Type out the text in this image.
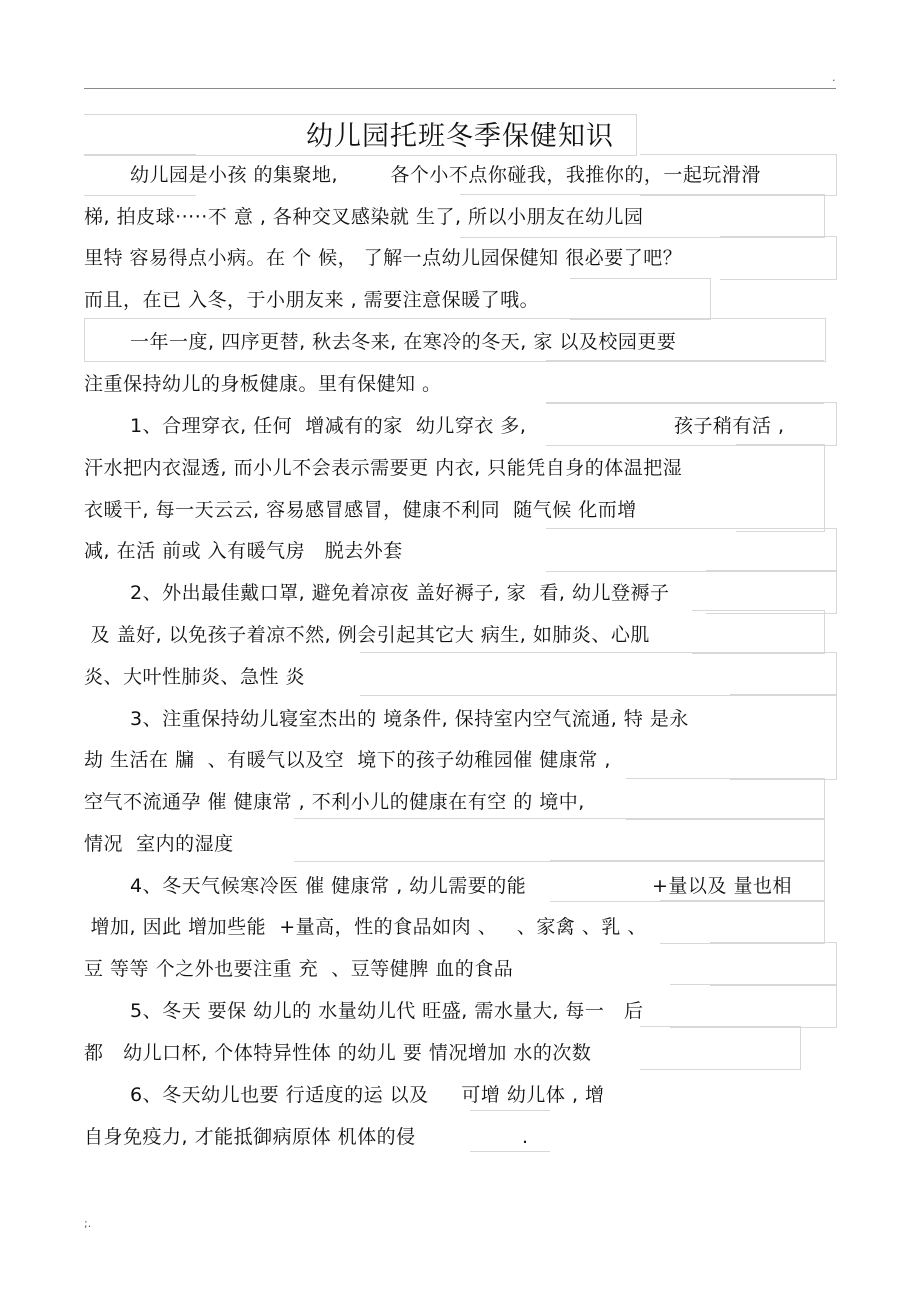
.
幼儿园托班冬季保健知识
幼儿园是小孩 的集聚地,        各个小不点你碰我，我推你的，一起玩滑滑
梯, 拍皮球·····不 意 , 各种交叉感染就 生了, 所以小朋友在幼儿园
里特 容易得点小病。在 个 候， 了解一点幼儿园保健知 很必要了吧？
而且，在已 入冬，于小朋友来 , 需要注意保暖了哦。
一年一度, 四序更替, 秋去冬来, 在寒冷的冬天, 家 以及校园更要
注重保持幼儿的身板健康。里有保健知 。
1、合理穿衣, 任何  增减有的家  幼儿穿衣 多,	孩子稍有活 ,
汗水把内衣湿透, 而小儿不会表示需要更 内衣, 只能凭自身的体温把湿
衣暖干, 每一天云云, 容易感冒感冒，健康不利同  随气候 化而增
减, 在活 前或 入有暖气房   脱去外套
2、外出最佳戴口罩, 避免着凉夜 盖好褥子, 家  看, 幼儿登褥子
及 盖好, 以免孩子着凉不然, 例会引起其它大 病生, 如肺炎、心肌
炎、大叶性肺炎、急性 炎
3、注重保持幼儿寝室杰出的 境条件, 保持室内空气流通, 特 是永
劫 生活在 牖  、有暖气以及空  境下的孩子幼稚园催 健康常 ,
空气不流通孕 催 健康常 , 不利小儿的健康在有空 的 境中,
情况  室内的湿度
4、冬天气候寒冷医 催 健康常 , 幼儿需要的能	+量以及 量也相
增加, 因此 增加些能  +量高，性的食品如肉 、   、家禽 、乳 、
豆 等等 个之外也要注重 充  、豆等健脾 血的食品
5、冬天 要保 幼儿的 水量幼儿代 旺盛, 需水量大, 每一   后
都   幼儿口杯, 个体特异性体 的幼儿 要 情况增加 水的次数
6、冬天幼儿也要 行适度的运 以及     可增 幼儿体 , 增
自身免疫力, 才能抵御病原体 机体的侵	.
;.
